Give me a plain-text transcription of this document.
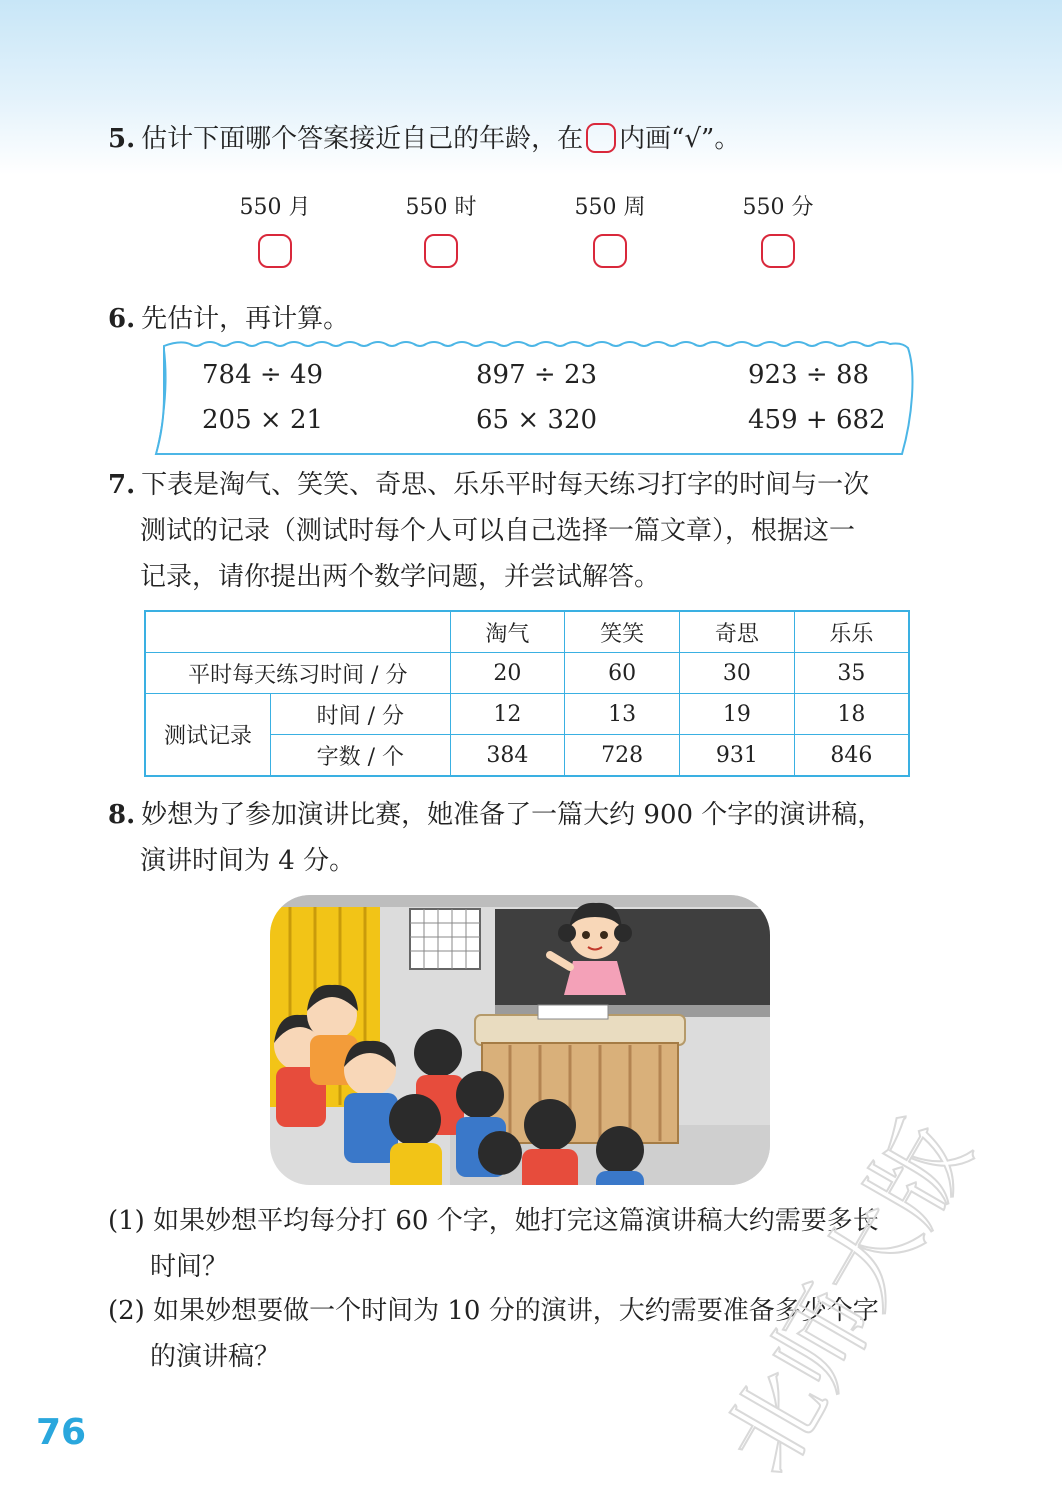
5. 估计下面哪个答案接近自己的年龄，在 内画“√”。
550 月	550 时	550 周	550 分
6. 先估计，再计算。
784 ÷ 49	897 ÷ 23	923 ÷ 88
205 × 21	65 × 320	459 + 682
7. 下表是淘气、笑笑、奇思、乐乐平时每天练习打字的时间与一次
测试的记录（测试时每个人可以自己选择一篇文章），根据这一
记录，请你提出两个数学问题，并尝试解答。
		淘气	笑笑	奇思	乐乐
平时每天练习时间 / 分		20	60	30	35
测试记录	时间 / 分	12	13	19	18
	字数 / 个	384	728	931	846
8. 妙想为了参加演讲比赛，她准备了一篇大约 900 个字的演讲稿，
演讲时间为 4 分。
(1) 如果妙想平均每分打 60 个字，她打完这篇演讲稿大约需要多长
时间？
(2) 如果妙想要做一个时间为 10 分的演讲，大约需要准备多少个字
的演讲稿？
76	北师大版
